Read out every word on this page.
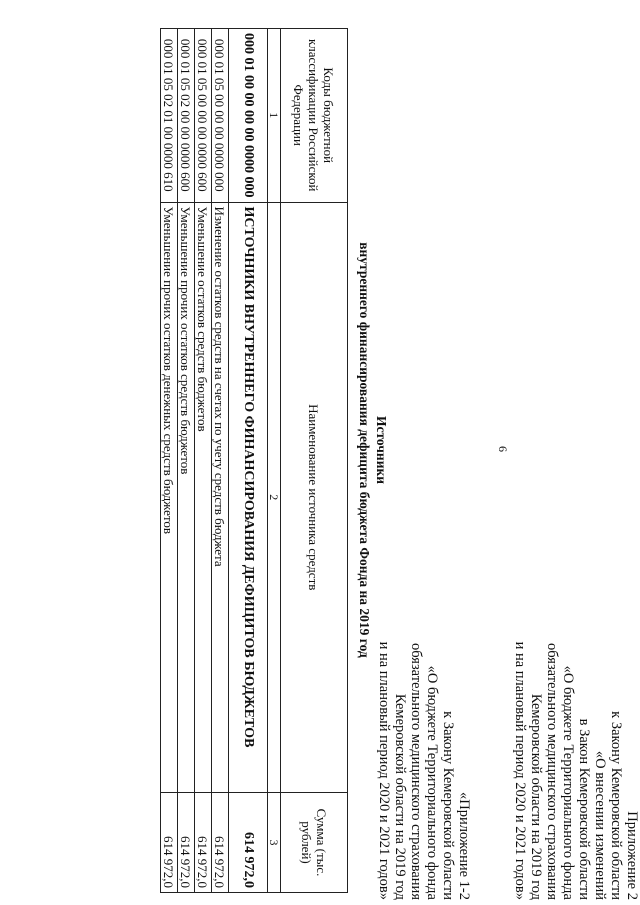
6
Приложение 2
к Закону Кемеровской области
«О внесении изменений
в Закон Кемеровской области
«О бюджете Территориального фонда
обязательного медицинского страхования
Кемеровской области на 2019 год
и на плановый период 2020 и 2021 годов»
«Приложение 1-2
к Закону Кемеровской области
«О бюджете Территориального фонда
обязательного медицинского страхования
Кемеровской области на 2019 год
и на плановый период 2020 и 2021 годов»
Источники
внутреннего финансирования дефицита бюджета Фонда на 2019 год
Коды бюджетной классификации Российской Федерации	Наименование источника средств	Сумма (тыс. рублей)
1	2	3
000 01 00 00 00 00 0000 000	ИСТОЧНИКИ ВНУТРЕННЕГО ФИНАНСИРОВАНИЯ ДЕФИЦИТОВ БЮДЖЕТОВ	614 972,0
000 01 05 00 00 00 0000 000	Изменение остатков средств на счетах по учету средств бюджета	614 972,0
000 01 05 00 00 00 0000 600	Уменьшение остатков средств бюджетов	614 972,0
000 01 05 02 00 00 0000 600	Уменьшение прочих остатков средств бюджетов	614 972,0
000 01 05 02 01 00 0000 610	Уменьшение прочих остатков денежных средств бюджетов	614 972,0
